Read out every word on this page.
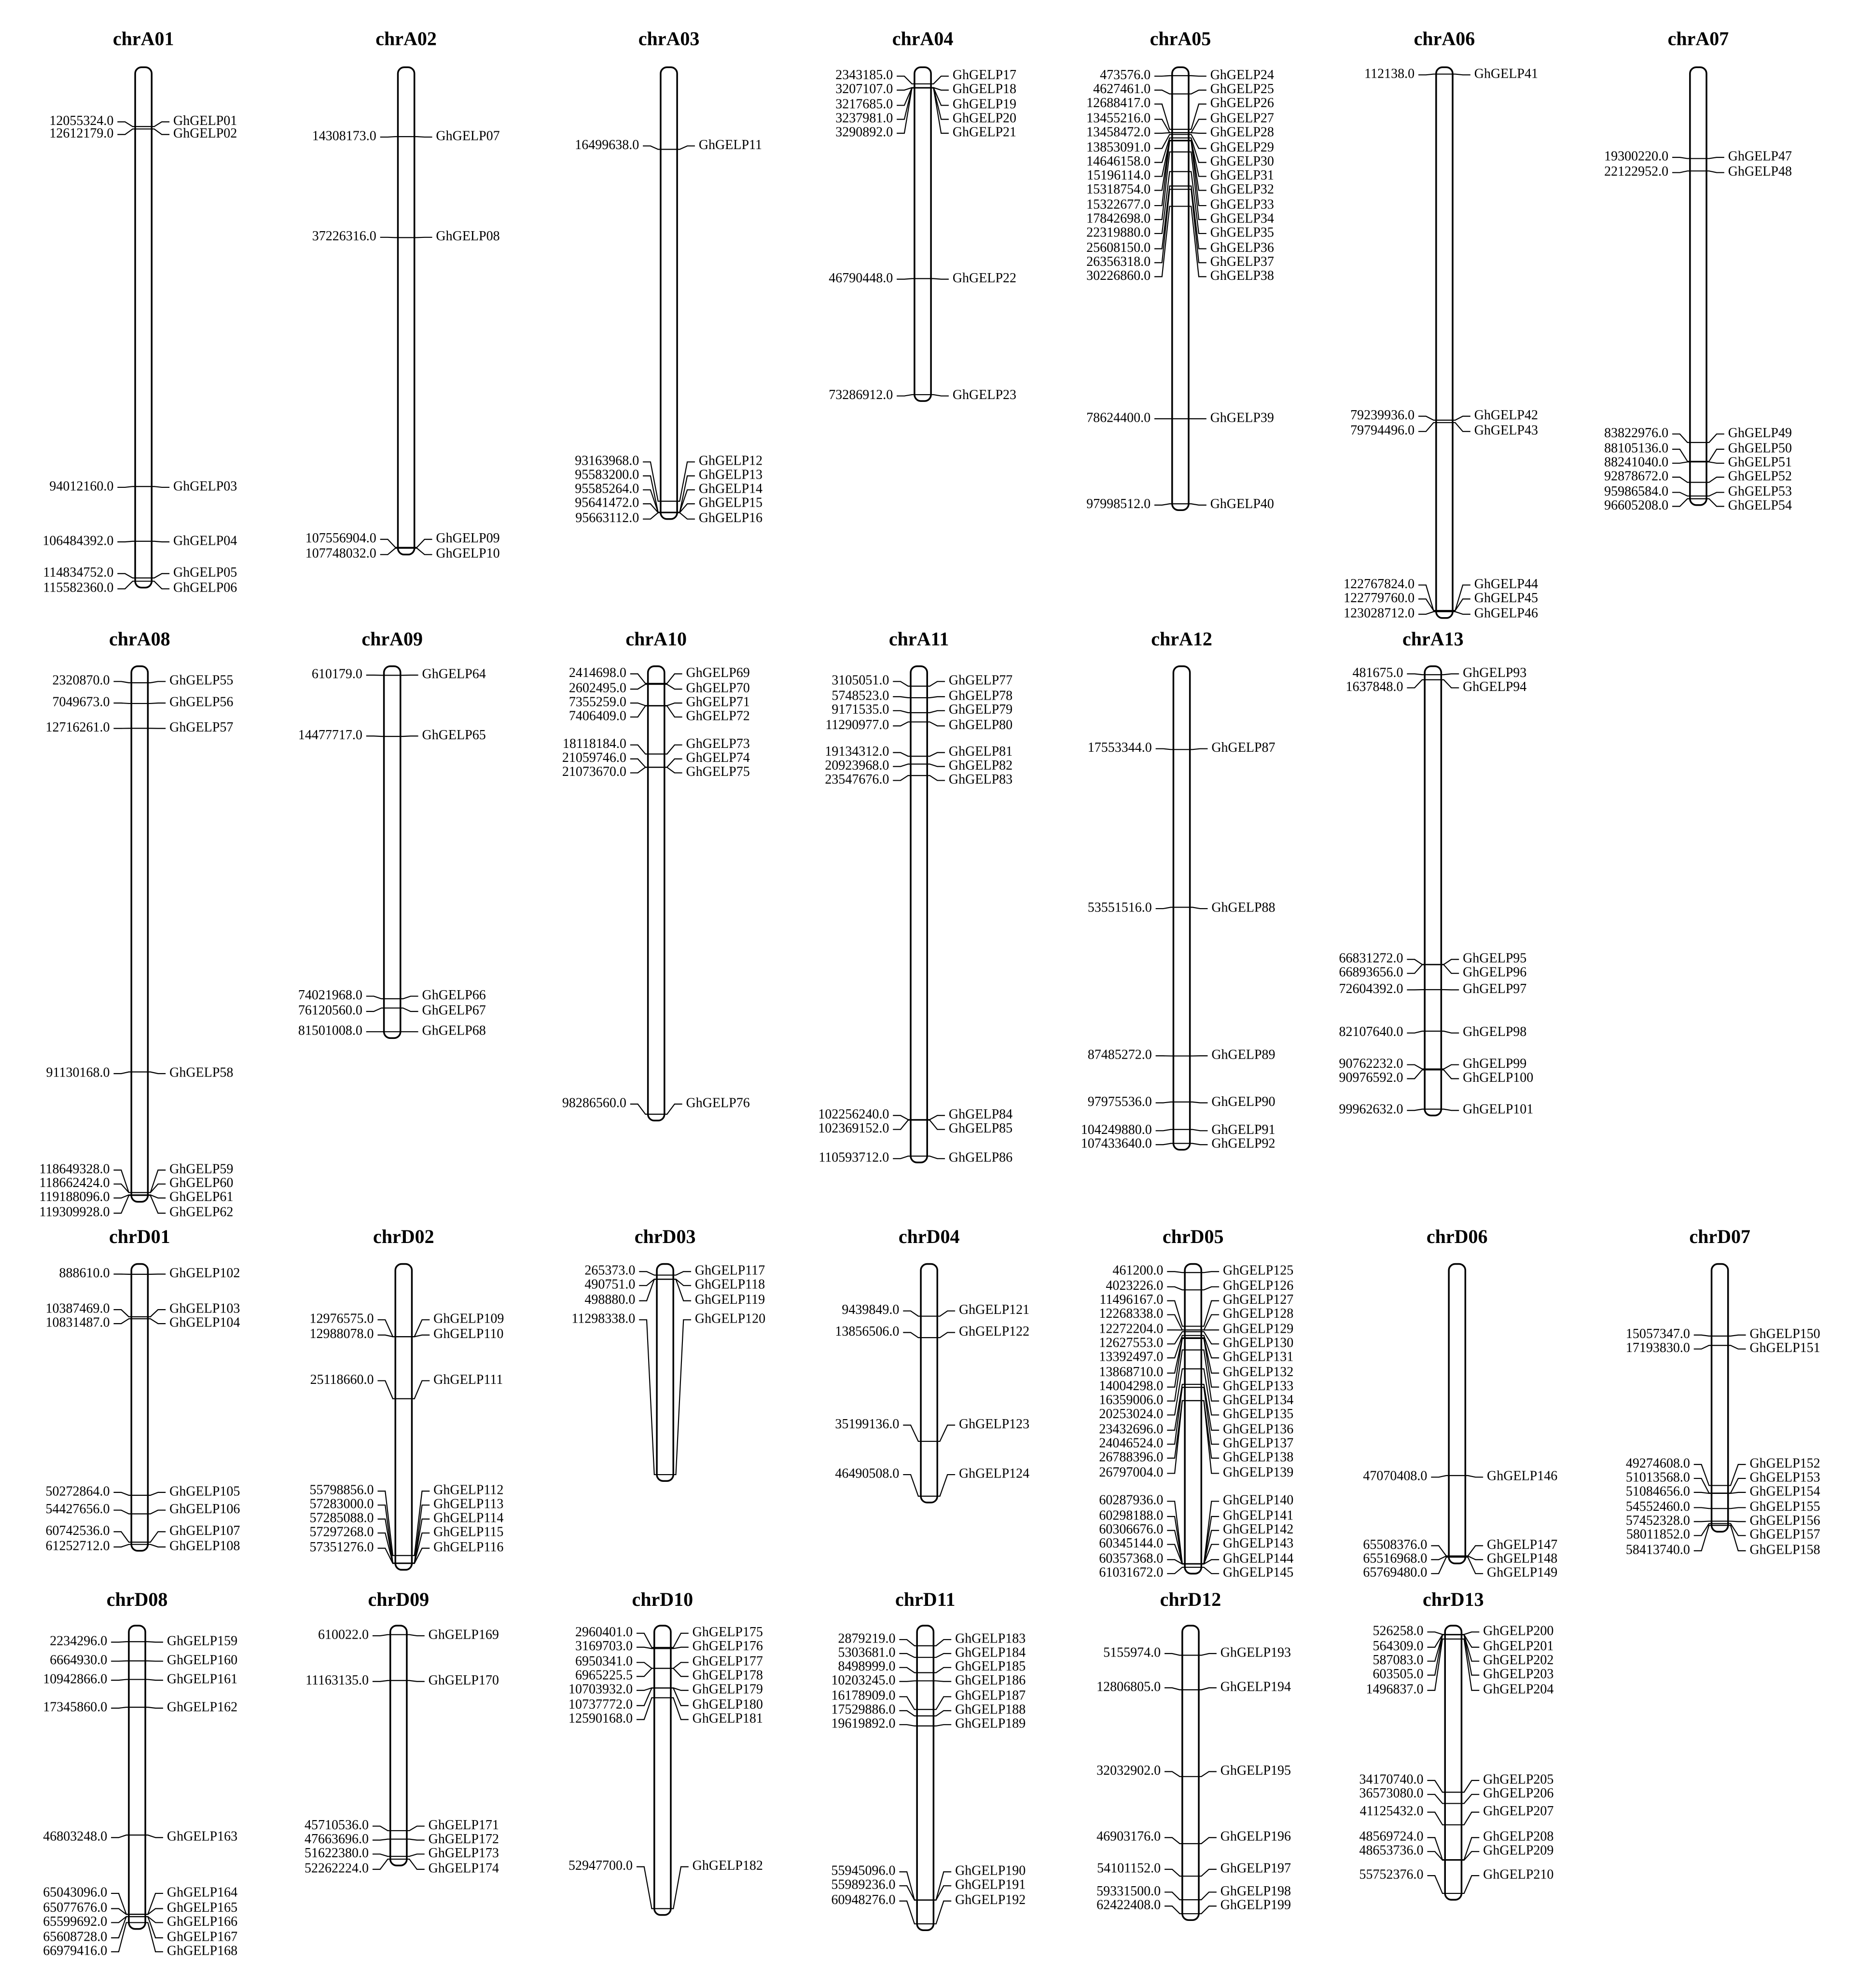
chrA01
12055324.0	GhGELP01
12612179.0	GhGELP02
94012160.0	GhGELP03
106484392.0	GhGELP04
114834752.0	GhGELP05
115582360.0	GhGELP06
chrA02
14308173.0	GhGELP07
37226316.0	GhGELP08
107556904.0	GhGELP09
107748032.0	GhGELP10
chrA03
16499638.0	GhGELP11
93163968.0	GhGELP12
95583200.0	GhGELP13
95585264.0	GhGELP14
95641472.0	GhGELP15
95663112.0	GhGELP16
chrA04
2343185.0	GhGELP17
3207107.0	GhGELP18
3217685.0	GhGELP19
3237981.0	GhGELP20
3290892.0	GhGELP21
46790448.0	GhGELP22
73286912.0	GhGELP23
chrA05
473576.0	GhGELP24
4627461.0	GhGELP25
12688417.0	GhGELP26
13455216.0	GhGELP27
13458472.0	GhGELP28
13853091.0	GhGELP29
14646158.0	GhGELP30
15196114.0	GhGELP31
15318754.0	GhGELP32
15322677.0	GhGELP33
17842698.0	GhGELP34
22319880.0	GhGELP35
25608150.0	GhGELP36
26356318.0	GhGELP37
30226860.0	GhGELP38
78624400.0	GhGELP39
97998512.0	GhGELP40
chrA06
112138.0	GhGELP41
79239936.0	GhGELP42
79794496.0	GhGELP43
122767824.0	GhGELP44
122779760.0	GhGELP45
123028712.0	GhGELP46
chrA07
19300220.0	GhGELP47
22122952.0	GhGELP48
83822976.0	GhGELP49
88105136.0	GhGELP50
88241040.0	GhGELP51
92878672.0	GhGELP52
95986584.0	GhGELP53
96605208.0	GhGELP54
chrA08
2320870.0	GhGELP55
7049673.0	GhGELP56
12716261.0	GhGELP57
91130168.0	GhGELP58
118649328.0	GhGELP59
118662424.0	GhGELP60
119188096.0	GhGELP61
119309928.0	GhGELP62
chrA09
610179.0	GhGELP64
14477717.0	GhGELP65
74021968.0	GhGELP66
76120560.0	GhGELP67
81501008.0	GhGELP68
chrA10
2414698.0	GhGELP69
2602495.0	GhGELP70
7355259.0	GhGELP71
7406409.0	GhGELP72
18118184.0	GhGELP73
21059746.0	GhGELP74
21073670.0	GhGELP75
98286560.0	GhGELP76
chrA11
3105051.0	GhGELP77
5748523.0	GhGELP78
9171535.0	GhGELP79
11290977.0	GhGELP80
19134312.0	GhGELP81
20923968.0	GhGELP82
23547676.0	GhGELP83
102256240.0	GhGELP84
102369152.0	GhGELP85
110593712.0	GhGELP86
chrA12
17553344.0	GhGELP87
53551516.0	GhGELP88
87485272.0	GhGELP89
97975536.0	GhGELP90
104249880.0	GhGELP91
107433640.0	GhGELP92
chrA13
481675.0	GhGELP93
1637848.0	GhGELP94
66831272.0	GhGELP95
66893656.0	GhGELP96
72604392.0	GhGELP97
82107640.0	GhGELP98
90762232.0	GhGELP99
90976592.0	GhGELP100
99962632.0	GhGELP101
chrD01
888610.0	GhGELP102
10387469.0	GhGELP103
10831487.0	GhGELP104
50272864.0	GhGELP105
54427656.0	GhGELP106
60742536.0	GhGELP107
61252712.0	GhGELP108
chrD02
12976575.0	GhGELP109
12988078.0	GhGELP110
25118660.0	GhGELP111
55798856.0	GhGELP112
57283000.0	GhGELP113
57285088.0	GhGELP114
57297268.0	GhGELP115
57351276.0	GhGELP116
chrD03
265373.0	GhGELP117
490751.0	GhGELP118
498880.0	GhGELP119
11298338.0	GhGELP120
chrD04
9439849.0	GhGELP121
13856506.0	GhGELP122
35199136.0	GhGELP123
46490508.0	GhGELP124
chrD05
461200.0	GhGELP125
4023226.0	GhGELP126
11496167.0	GhGELP127
12268338.0	GhGELP128
12272204.0	GhGELP129
12627553.0	GhGELP130
13392497.0	GhGELP131
13868710.0	GhGELP132
14004298.0	GhGELP133
16359006.0	GhGELP134
20253024.0	GhGELP135
23432696.0	GhGELP136
24046524.0	GhGELP137
26788396.0	GhGELP138
26797004.0	GhGELP139
60287936.0	GhGELP140
60298188.0	GhGELP141
60306676.0	GhGELP142
60345144.0	GhGELP143
60357368.0	GhGELP144
61031672.0	GhGELP145
chrD06
47070408.0	GhGELP146
65508376.0	GhGELP147
65516968.0	GhGELP148
65769480.0	GhGELP149
chrD07
15057347.0	GhGELP150
17193830.0	GhGELP151
49274608.0	GhGELP152
51013568.0	GhGELP153
51084656.0	GhGELP154
54552460.0	GhGELP155
57452328.0	GhGELP156
58011852.0	GhGELP157
58413740.0	GhGELP158
chrD08
2234296.0	GhGELP159
6664930.0	GhGELP160
10942866.0	GhGELP161
17345860.0	GhGELP162
46803248.0	GhGELP163
65043096.0	GhGELP164
65077676.0	GhGELP165
65599692.0	GhGELP166
65608728.0	GhGELP167
66979416.0	GhGELP168
chrD09
610022.0	GhGELP169
11163135.0	GhGELP170
45710536.0	GhGELP171
47663696.0	GhGELP172
51622380.0	GhGELP173
52262224.0	GhGELP174
chrD10
2960401.0	GhGELP175
3169703.0	GhGELP176
6950341.0	GhGELP177
6965225.5	GhGELP178
10703932.0	GhGELP179
10737772.0	GhGELP180
12590168.0	GhGELP181
52947700.0	GhGELP182
chrD11
2879219.0	GhGELP183
5303681.0	GhGELP184
8498999.0	GhGELP185
10203245.0	GhGELP186
16178909.0	GhGELP187
17529886.0	GhGELP188
19619892.0	GhGELP189
55945096.0	GhGELP190
55989236.0	GhGELP191
60948276.0	GhGELP192
chrD12
5155974.0	GhGELP193
12806805.0	GhGELP194
32032902.0	GhGELP195
46903176.0	GhGELP196
54101152.0	GhGELP197
59331500.0	GhGELP198
62422408.0	GhGELP199
chrD13
526258.0	GhGELP200
564309.0	GhGELP201
587083.0	GhGELP202
603505.0	GhGELP203
1496837.0	GhGELP204
34170740.0	GhGELP205
36573080.0	GhGELP206
41125432.0	GhGELP207
48569724.0	GhGELP208
48653736.0	GhGELP209
55752376.0	GhGELP210
